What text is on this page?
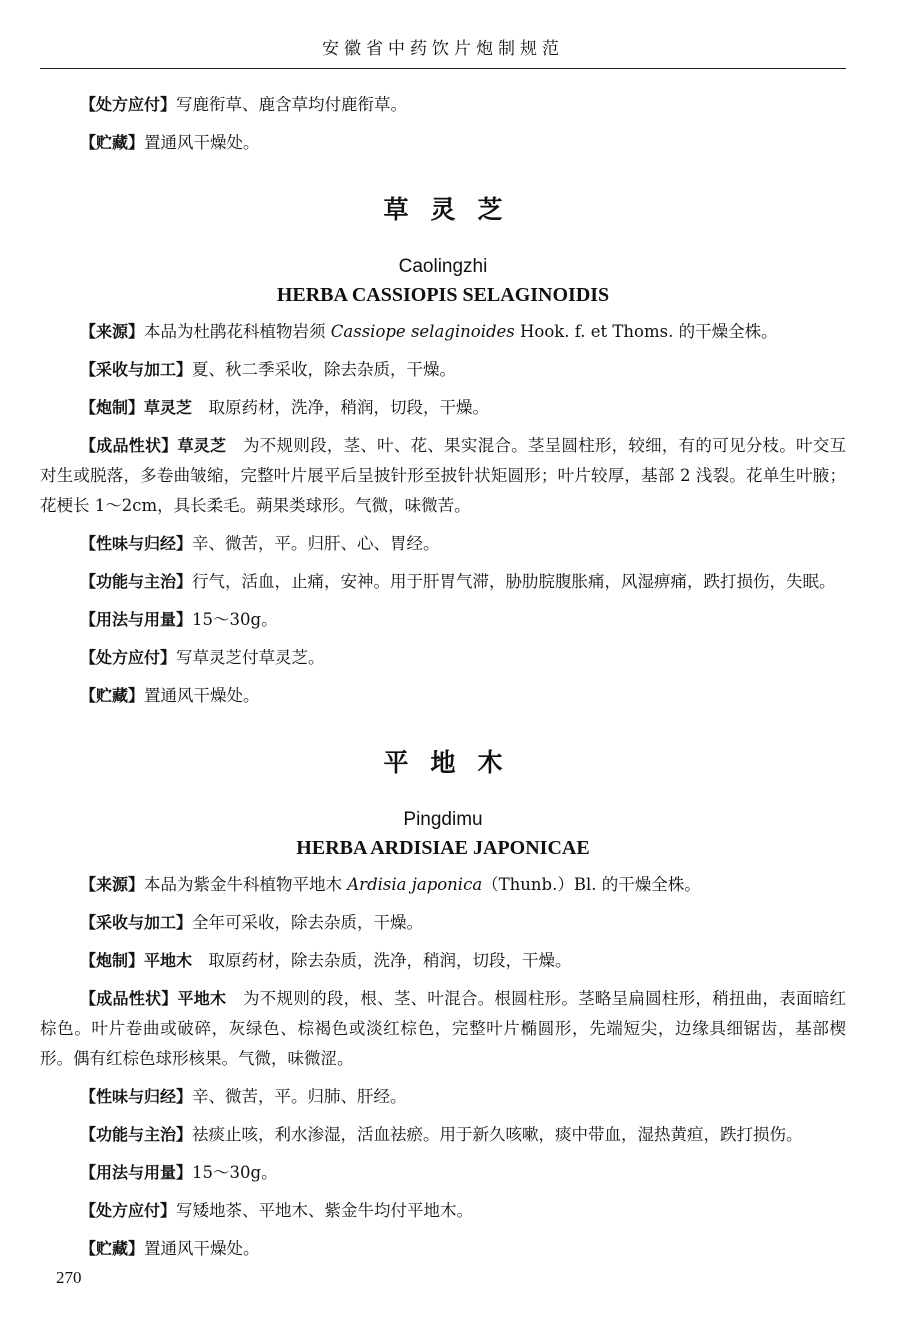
安徽省中药饮片炮制规范

【处方应付】写鹿衔草、鹿含草均付鹿衔草。

【贮藏】置通风干燥处。

草灵芝
Caolingzhi
HERBA CASSIOPIS SELAGINOIDIS

【来源】本品为杜鹃花科植物岩须 Cassiope selaginoides Hook. f. et Thoms. 的干燥全株。

【采收与加工】夏、秋二季采收，除去杂质，干燥。

【炮制】草灵芝　取原药材，洗净，稍润，切段，干燥。

【成品性状】草灵芝　为不规则段，茎、叶、花、果实混合。茎呈圆柱形，较细，有的可见分枝。叶交互对生或脱落，多卷曲皱缩，完整叶片展平后呈披针形至披针状矩圆形；叶片较厚，基部 2 浅裂。花单生叶腋；花梗长 1～2cm，具长柔毛。蒴果类球形。气微，味微苦。

【性味与归经】辛、微苦，平。归肝、心、胃经。

【功能与主治】行气，活血，止痛，安神。用于肝胃气滞，胁肋脘腹胀痛，风湿痹痛，跌打损伤，失眠。

【用法与用量】15～30g。

【处方应付】写草灵芝付草灵芝。

【贮藏】置通风干燥处。

平地木
Pingdimu
HERBA ARDISIAE JAPONICAE

【来源】本品为紫金牛科植物平地木 Ardisia japonica（Thunb.）Bl. 的干燥全株。

【采收与加工】全年可采收，除去杂质，干燥。

【炮制】平地木　取原药材，除去杂质，洗净，稍润，切段，干燥。

【成品性状】平地木　为不规则的段，根、茎、叶混合。根圆柱形。茎略呈扁圆柱形，稍扭曲，表面暗红棕色。叶片卷曲或破碎，灰绿色、棕褐色或淡红棕色，完整叶片椭圆形，先端短尖，边缘具细锯齿，基部楔形。偶有红棕色球形核果。气微，味微涩。

【性味与归经】辛、微苦，平。归肺、肝经。

【功能与主治】祛痰止咳，利水渗湿，活血祛瘀。用于新久咳嗽，痰中带血，湿热黄疸，跌打损伤。

【用法与用量】15～30g。

【处方应付】写矮地茶、平地木、紫金牛均付平地木。

【贮藏】置通风干燥处。

270
